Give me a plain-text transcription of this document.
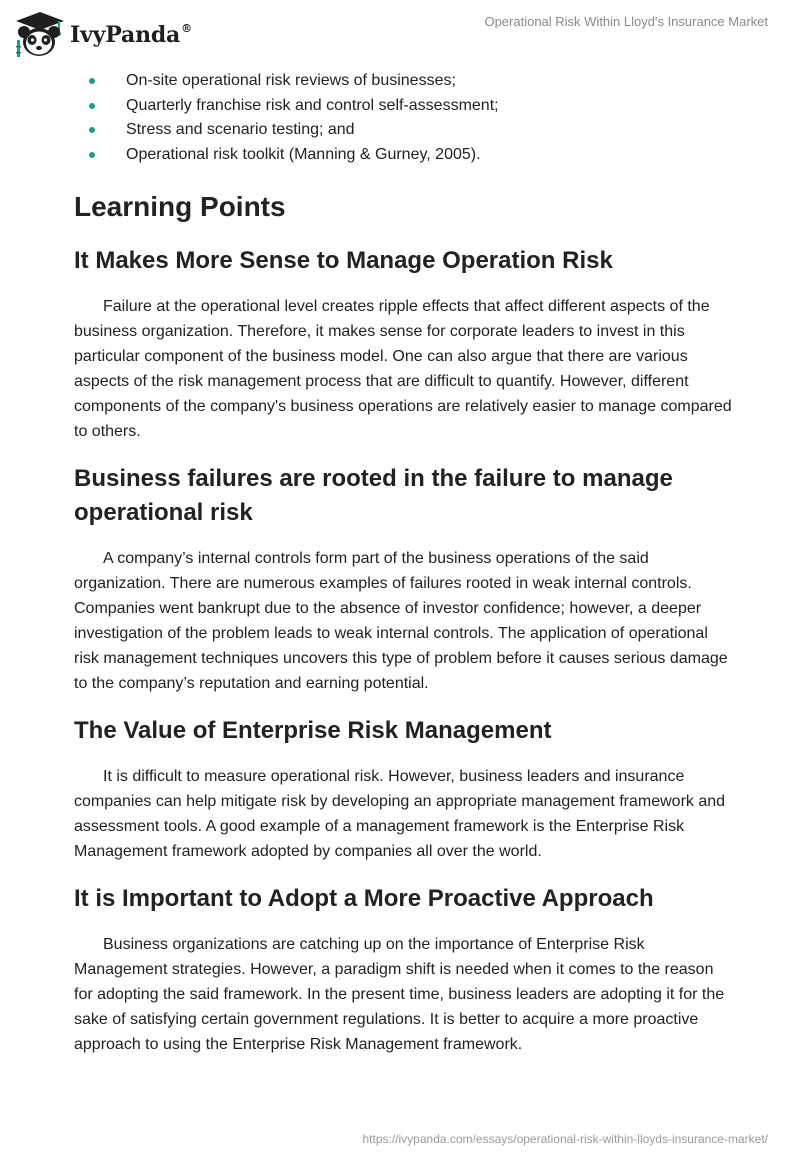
IvyPanda®	Operational Risk Within Lloyd's Insurance Market
On-site operational risk reviews of businesses;
Quarterly franchise risk and control self-assessment;
Stress and scenario testing; and
Operational risk toolkit (Manning & Gurney, 2005).
Learning Points
It Makes More Sense to Manage Operation Risk

Failure at the operational level creates ripple effects that affect different aspects of the business organization. Therefore, it makes sense for corporate leaders to invest in this particular component of the business model. One can also argue that there are various aspects of the risk management process that are difficult to quantify. However, different components of the company's business operations are relatively easier to manage compared to others.

Business failures are rooted in the failure to manage operational risk

A company’s internal controls form part of the business operations of the said organization. There are numerous examples of failures rooted in weak internal controls. Companies went bankrupt due to the absence of investor confidence; however, a deeper investigation of the problem leads to weak internal controls. The application of operational risk management techniques uncovers this type of problem before it causes serious damage to the company’s reputation and earning potential.

The Value of Enterprise Risk Management

It is difficult to measure operational risk. However, business leaders and insurance companies can help mitigate risk by developing an appropriate management framework and assessment tools. A good example of a management framework is the Enterprise Risk Management framework adopted by companies all over the world.

It is Important to Adopt a More Proactive Approach

Business organizations are catching up on the importance of Enterprise Risk Management strategies. However, a paradigm shift is needed when it comes to the reason for adopting the said framework. In the present time, business leaders are adopting it for the sake of satisfying certain government regulations. It is better to acquire a more proactive approach to using the Enterprise Risk Management framework.

https://ivypanda.com/essays/operational-risk-within-lloyds-insurance-market/
